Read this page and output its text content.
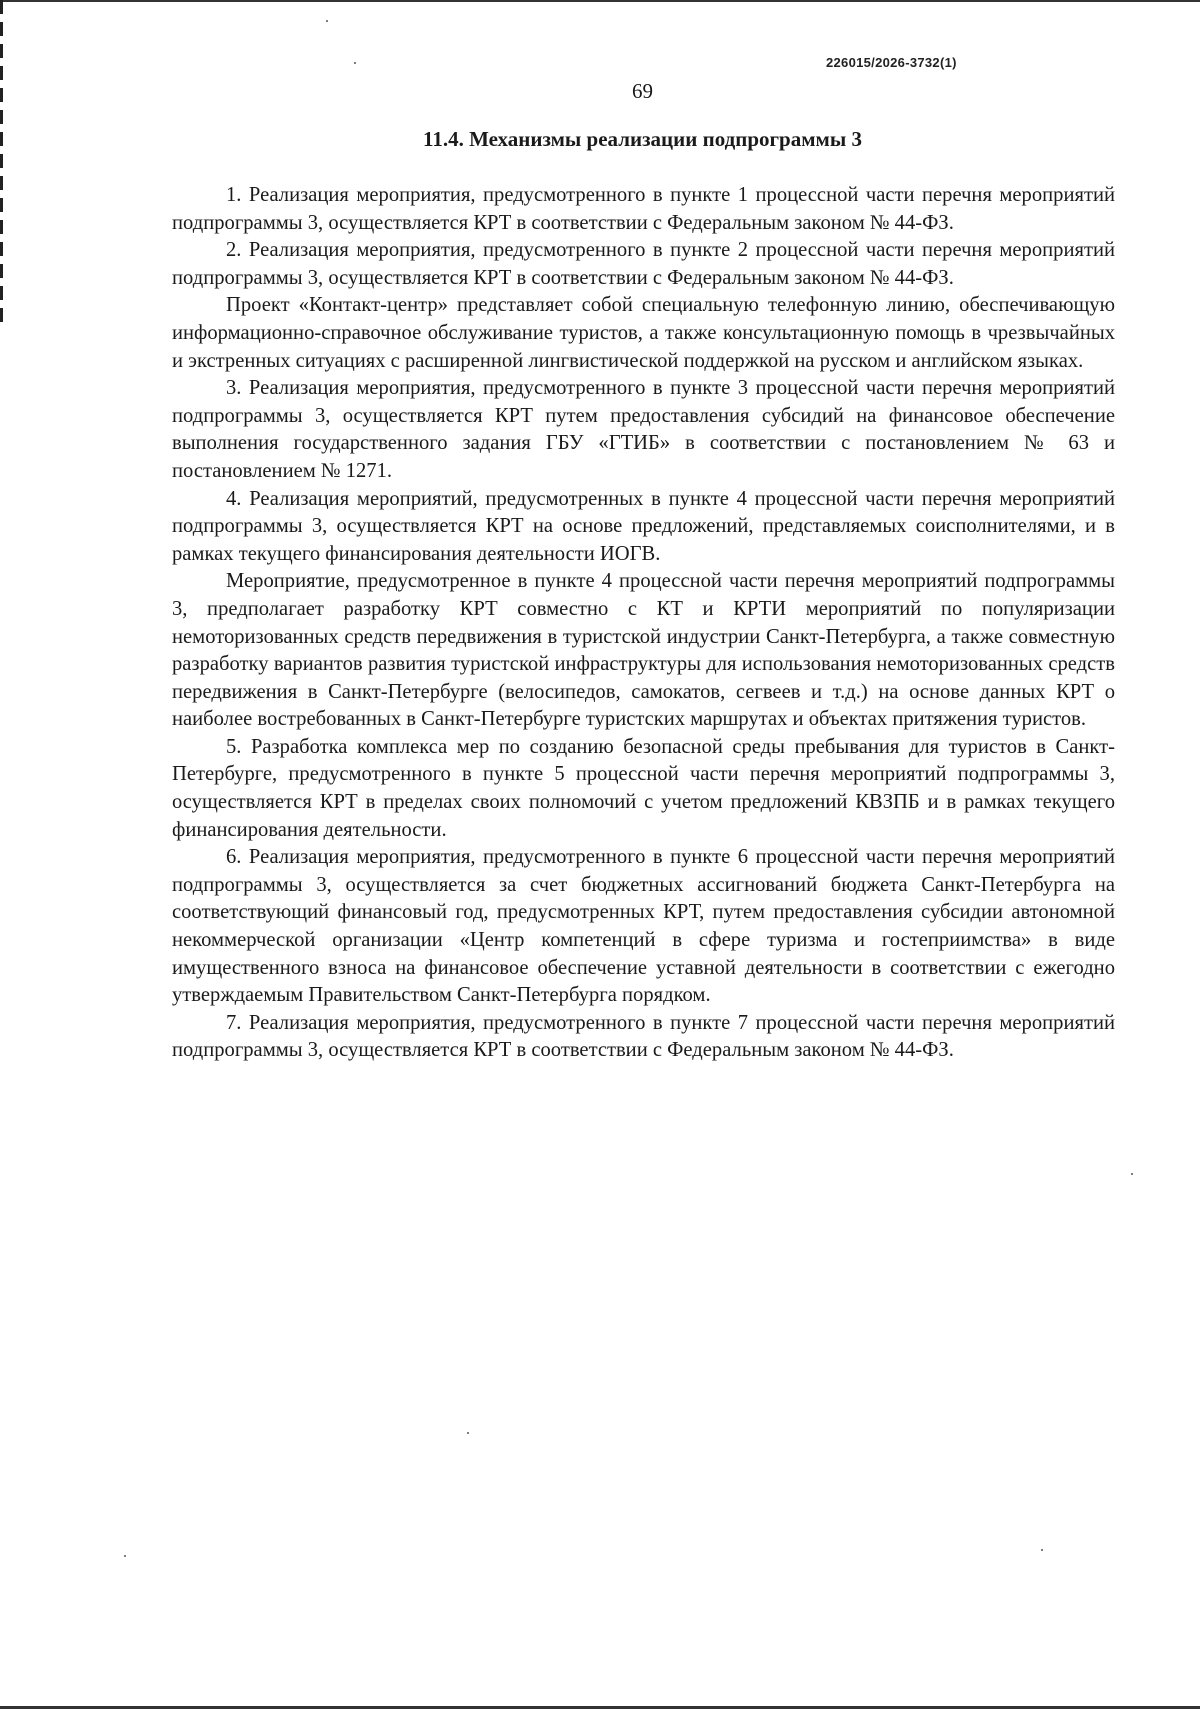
226015/2026-3732(1)
69
11.4. Механизмы реализации подпрограммы 3

1. Реализация мероприятия, предусмотренного в пункте 1 процессной части перечня мероприятий подпрограммы 3, осуществляется КРТ в соответствии с Федеральным законом № 44-ФЗ.

2. Реализация мероприятия, предусмотренного в пункте 2 процессной части перечня мероприятий подпрограммы 3, осуществляется КРТ в соответствии с Федеральным законом № 44-ФЗ.

Проект «Контакт-центр» представляет собой специальную телефонную линию, обеспечивающую информационно-справочное обслуживание туристов, а также консультационную помощь в чрезвычайных и экстренных ситуациях с расширенной лингвистической поддержкой на русском и английском языках.

3. Реализация мероприятия, предусмотренного в пункте 3 процессной части перечня мероприятий подпрограммы 3, осуществляется КРТ путем предоставления субсидий на финансовое обеспечение выполнения государственного задания ГБУ «ГТИБ» в соответствии с постановлением № 63 и постановлением № 1271.

4. Реализация мероприятий, предусмотренных в пункте 4 процессной части перечня мероприятий подпрограммы 3, осуществляется КРТ на основе предложений, представляемых соисполнителями, и в рамках текущего финансирования деятельности ИОГВ.

Мероприятие, предусмотренное в пункте 4 процессной части перечня мероприятий подпрограммы 3, предполагает разработку КРТ совместно с КТ и КРТИ мероприятий по популяризации немоторизованных средств передвижения в туристской индустрии Санкт-Петербурга, а также совместную разработку вариантов развития туристской инфраструктуры для использования немоторизованных средств передвижения в Санкт-Петербурге (велосипедов, самокатов, сегвеев и т.д.) на основе данных КРТ о наиболее востребованных в Санкт-Петербурге туристских маршрутах и объектах притяжения туристов.

5. Разработка комплекса мер по созданию безопасной среды пребывания для туристов в Санкт-Петербурге, предусмотренного в пункте 5 процессной части перечня мероприятий подпрограммы 3, осуществляется КРТ в пределах своих полномочий с учетом предложений КВЗПБ и в рамках текущего финансирования деятельности.

6. Реализация мероприятия, предусмотренного в пункте 6 процессной части перечня мероприятий подпрограммы 3, осуществляется за счет бюджетных ассигнований бюджета Санкт-Петербурга на соответствующий финансовый год, предусмотренных КРТ, путем предоставления субсидии автономной некоммерческой организации «Центр компетенций в сфере туризма и гостеприимства» в виде имущественного взноса на финансовое обеспечение уставной деятельности в соответствии с ежегодно утверждаемым Правительством Санкт-Петербурга порядком.

7. Реализация мероприятия, предусмотренного в пункте 7 процессной части перечня мероприятий подпрограммы 3, осуществляется КРТ в соответствии с Федеральным законом № 44-ФЗ.
